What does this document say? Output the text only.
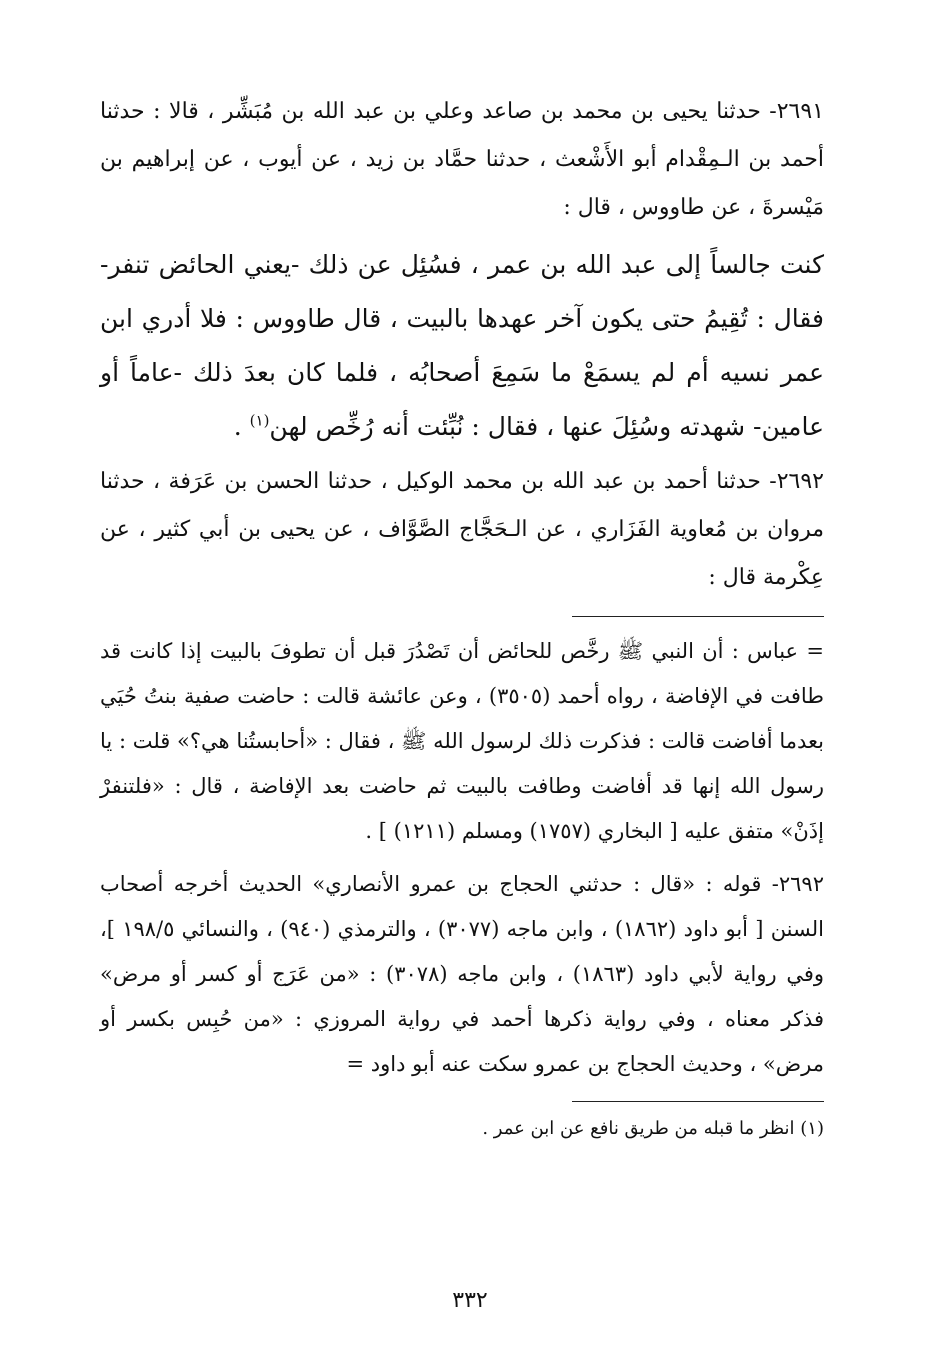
٢٦٩١- حدثنا يحيى بن محمد بن صاعد وعلي بن عبد الله بن مُبَشِّر ، قالا : حدثنا أحمد بن الـمِقْدام أبو الأَشْعث ، حدثنا حمَّاد بن زيد ، عن أيوب ، عن إبراهيم بن مَيْسرةَ ، عن طاووس ، قال :

كنت جالساً إلى عبد الله بن عمر ، فسُئِل عن ذلك -يعني الحائض تنفر- فقال : تُقِيمُ حتى يكون آخر عهدها بالبيت ، قال طاووس : فلا أدري ابن عمر نسيه أم لم يسمَعْ ما سَمِعَ أصحابُه ، فلما كان بعدَ ذلك -عاماً أو عامين- شهدته وسُئِلَ عنها ، فقال : نُبِّئت أنه رُخِّص لهن$^{(١)}$ .

٢٦٩٢- حدثنا أحمد بن عبد الله بن محمد الوكيل ، حدثنا الحسن بن عَرَفة ، حدثنا مروان بن مُعاوية الفَزَاري ، عن الـحَجَّاج الصَّوَّاف ، عن يحيى بن أبي كثير ، عن عِكْرمة قال :

= عباس : أن النبي ﷺ رخَّص للحائض أن تَصْدُرَ قبل أن تطوفَ بالبيت إذا كانت قد طافت في الإفاضة ، رواه أحمد (٣٥٠٥) ، وعن عائشة قالت : حاضت صفية بنتُ حُيَي بعدما أفاضت قالت : فذكرت ذلك لرسول الله ﷺ ، فقال : «أحابستُنا هي؟» قلت : يا رسول الله إنها قد أفاضت وطافت بالبيت ثم حاضت بعد الإفاضة ، قال : «فلتنفرْ إذَنْ» متفق عليه [ البخاري (١٧٥٧) ومسلم (١٢١١) ] .

٢٦٩٢- قوله : «قال : حدثني الحجاج بن عمرو الأنصاري» الحديث أخرجه أصحاب السنن [ أبو داود (١٨٦٢) ، وابن ماجه (٣٠٧٧) ، والترمذي (٩٤٠) ، والنسائي ١٩٨/٥ ]، وفي رواية لأبي داود (١٨٦٣) ، وابن ماجه (٣٠٧٨) : «من عَرَج أو كسر أو مرض» فذكر معناه ، وفي رواية ذكرها أحمد في رواية المروزي : «من حُبِس بكسر أو مرض» ، وحديث الحجاج بن عمرو سكت عنه أبو داود =

(١) انظر ما قبله من طريق نافع عن ابن عمر .

٣٣٢
